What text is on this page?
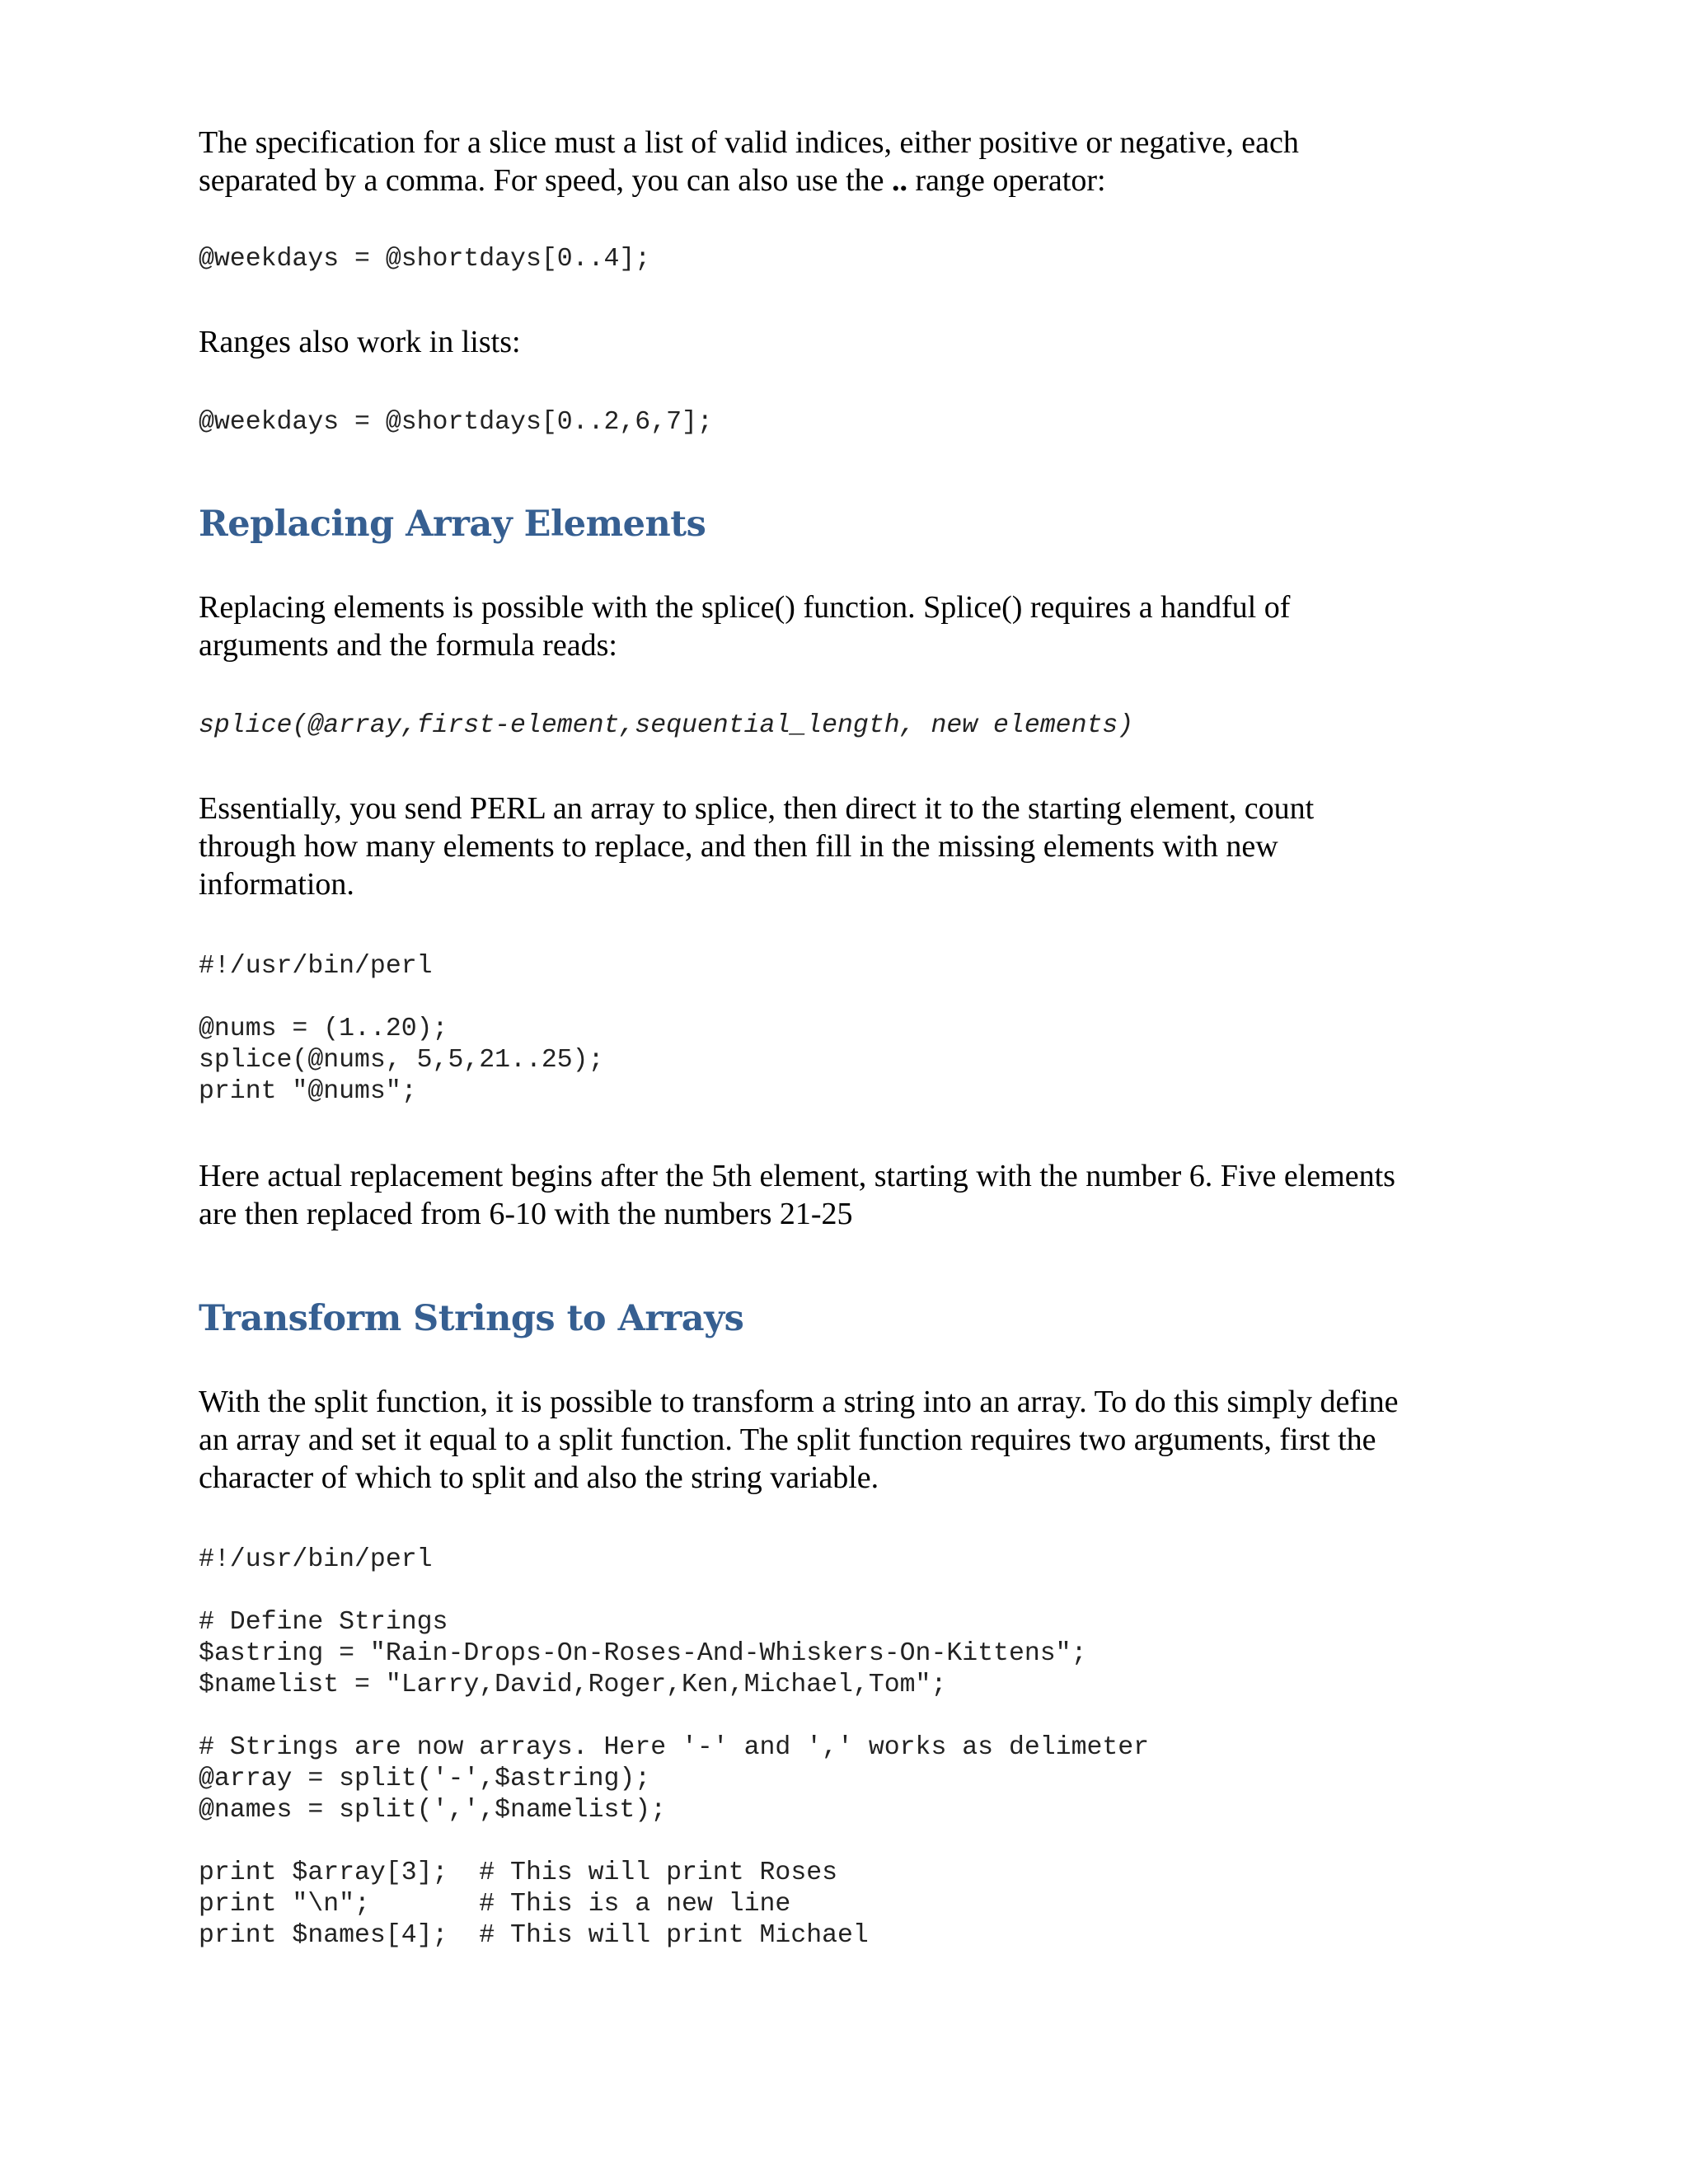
The specification for a slice must a list of valid indices, either positive or negative, each
separated by a comma. For speed, you can also use the .. range operator:

@weekdays = @shortdays[0..4];

Ranges also work in lists:

@weekdays = @shortdays[0..2,6,7];
Replacing Array Elements

Replacing elements is possible with the splice() function. Splice() requires a handful of
arguments and the formula reads:

splice(@array,first-element,sequential_length, new elements)

Essentially, you send PERL an array to splice, then direct it to the starting element, count
through how many elements to replace, and then fill in the missing elements with new
information.

#!/usr/bin/perl

@nums = (1..20);
splice(@nums, 5,5,21..25);
print "@nums";

Here actual replacement begins after the 5th element, starting with the number 6. Five elements
are then replaced from 6-10 with the numbers 21-25

Transform Strings to Arrays

With the split function, it is possible to transform a string into an array. To do this simply define
an array and set it equal to a split function. The split function requires two arguments, first the
character of which to split and also the string variable.

#!/usr/bin/perl

# Define Strings
$astring = "Rain-Drops-On-Roses-And-Whiskers-On-Kittens";
$namelist = "Larry,David,Roger,Ken,Michael,Tom";

# Strings are now arrays. Here '-' and ',' works as delimeter
@array = split('-',$astring);
@names = split(',',$namelist);

print $array[3];  # This will print Roses
print "\n";       # This is a new line
print $names[4];  # This will print Michael
